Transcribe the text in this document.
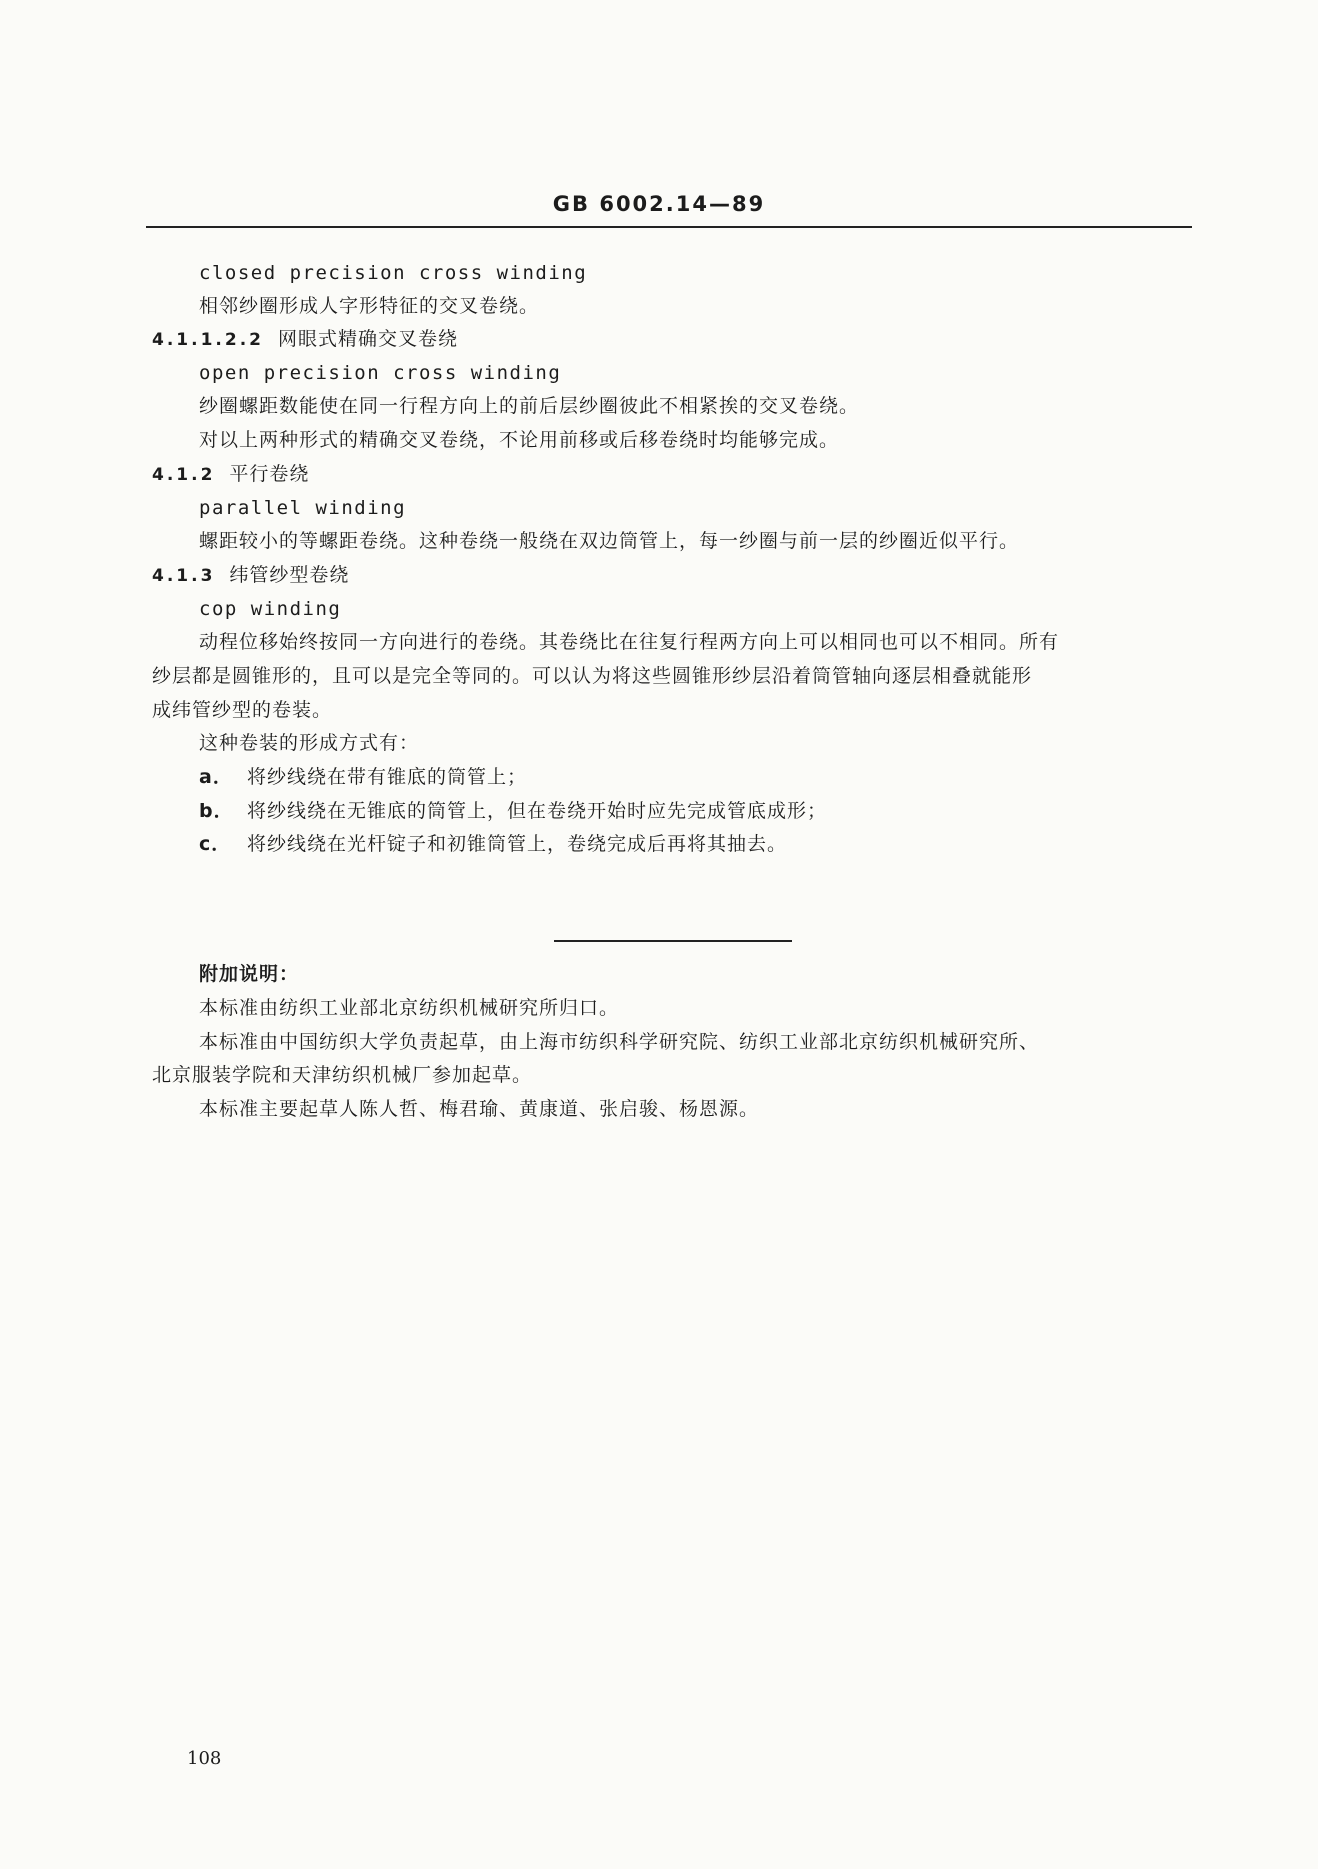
GB 6002.14—89
closed precision cross winding
相邻纱圈形成人字形特征的交叉卷绕。
4.1.1.2.2 网眼式精确交叉卷绕
open precision cross winding
纱圈螺距数能使在同一行程方向上的前后层纱圈彼此不相紧挨的交叉卷绕。
对以上两种形式的精确交叉卷绕，不论用前移或后移卷绕时均能够完成。
4.1.2 平行卷绕
parallel winding
螺距较小的等螺距卷绕。这种卷绕一般绕在双边筒管上，每一纱圈与前一层的纱圈近似平行。
4.1.3 纬管纱型卷绕
cop winding
动程位移始终按同一方向进行的卷绕。其卷绕比在往复行程两方向上可以相同也可以不相同。所有
纱层都是圆锥形的，且可以是完全等同的。可以认为将这些圆锥形纱层沿着筒管轴向逐层相叠就能形
成纬管纱型的卷装。
这种卷装的形成方式有：
a． 将纱线绕在带有锥底的筒管上；
b． 将纱线绕在无锥底的筒管上，但在卷绕开始时应先完成管底成形；
c． 将纱线绕在光杆锭子和初锥筒管上，卷绕完成后再将其抽去。
附加说明：
本标准由纺织工业部北京纺织机械研究所归口。
本标准由中国纺织大学负责起草，由上海市纺织科学研究院、纺织工业部北京纺织机械研究所、
北京服装学院和天津纺织机械厂参加起草。
本标准主要起草人陈人哲、梅君瑜、黄康道、张启骏、杨恩源。
108
